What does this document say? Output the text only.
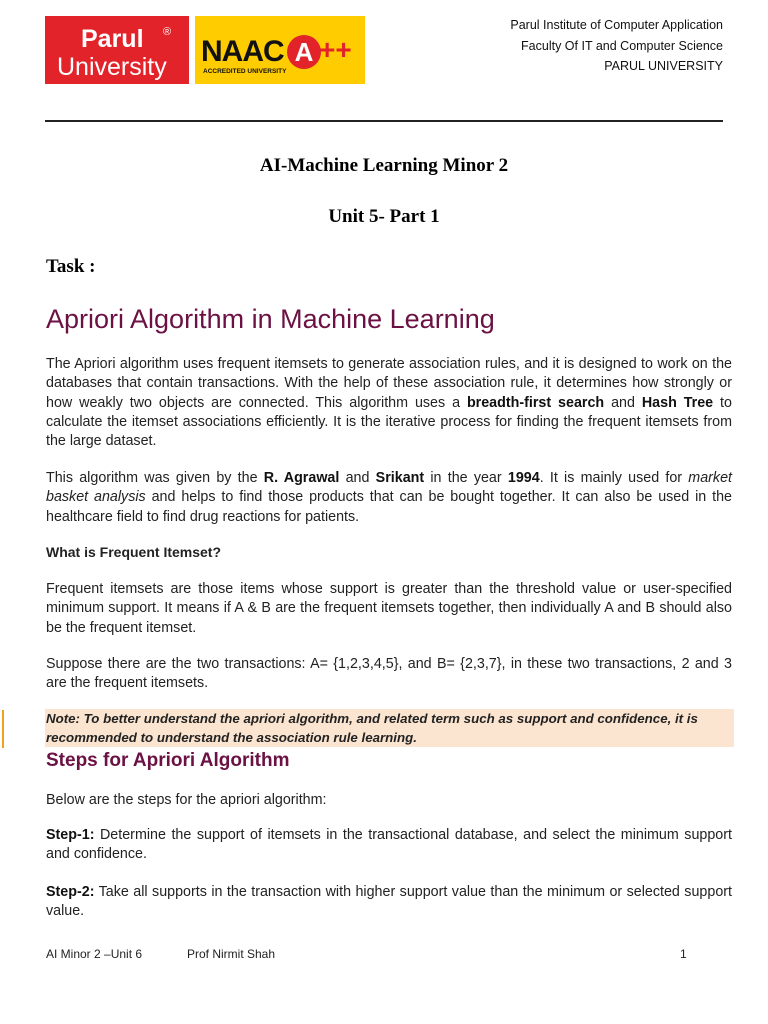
Parul ®
University NAAC
ACCREDITED UNIVERSITY
A ++
Parul Institute of Computer Application
Faculty Of IT and Computer Science
PARUL UNIVERSITY
AI-Machine Learning Minor 2
Unit 5- Part 1
Task :
Apriori Algorithm in Machine Learning
The Apriori algorithm uses frequent itemsets to generate association rules, and it is designed to work on the databases that contain transactions. With the help of these association rule, it determines how strongly or how weakly two objects are connected. This algorithm uses a breadth-first search and Hash Tree to calculate the itemset associations efficiently. It is the iterative process for finding the frequent itemsets from the large dataset.
This algorithm was given by the R. Agrawal and Srikant in the year 1994. It is mainly used for market basket analysis and helps to find those products that can be bought together. It can also be used in the healthcare field to find drug reactions for patients.
What is Frequent Itemset?
Frequent itemsets are those items whose support is greater than the threshold value or user-specified minimum support. It means if A & B are the frequent itemsets together, then individually A and B should also be the frequent itemset.
Suppose there are the two transactions: A= {1,2,3,4,5}, and B= {2,3,7}, in these two transactions, 2 and 3 are the frequent itemsets.
Note: To better understand the apriori algorithm, and related term such as support and confidence, it is recommended to understand the association rule learning.
Steps for Apriori Algorithm
Below are the steps for the apriori algorithm:
Step-1: Determine the support of itemsets in the transactional database, and select the minimum support and confidence.
Step-2: Take all supports in the transaction with higher support value than the minimum or selected support value.
AI Minor 2 –Unit 6	Prof Nirmit Shah	1
